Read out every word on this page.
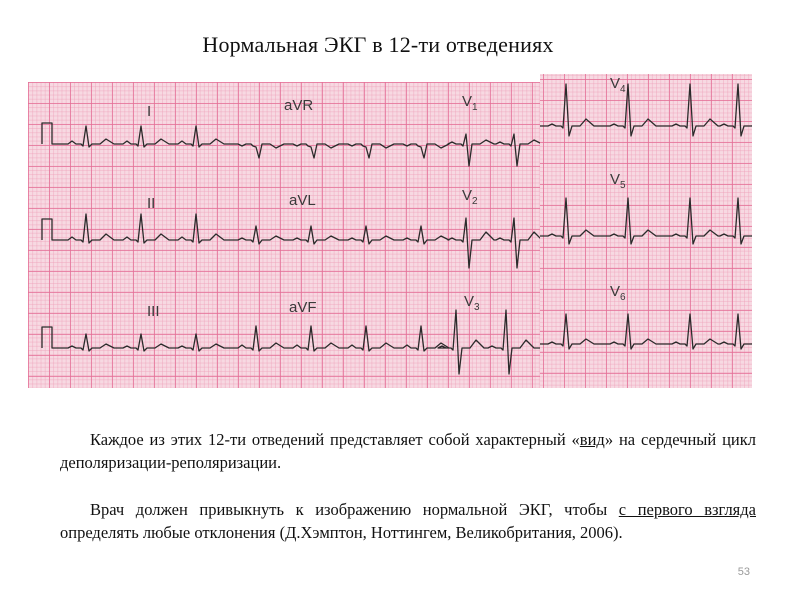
Нормальная ЭКГ в 12-ти отведениях
I	aVR	$V_1$
II	aVL	$V_2$
III	aVF	$V_3$
$V_4$
$V_5$
$V_6$
Каждое из этих 12-ти отведений представляет собой характерный «вид» на сердечный цикл деполяризации-реполяризации.
Врач должен привыкнуть к изображению нормальной ЭКГ, чтобы с первого взгляда определять любые отклонения (Д.Хэмптон, Ноттингем, Великобритания, 2006).
53
